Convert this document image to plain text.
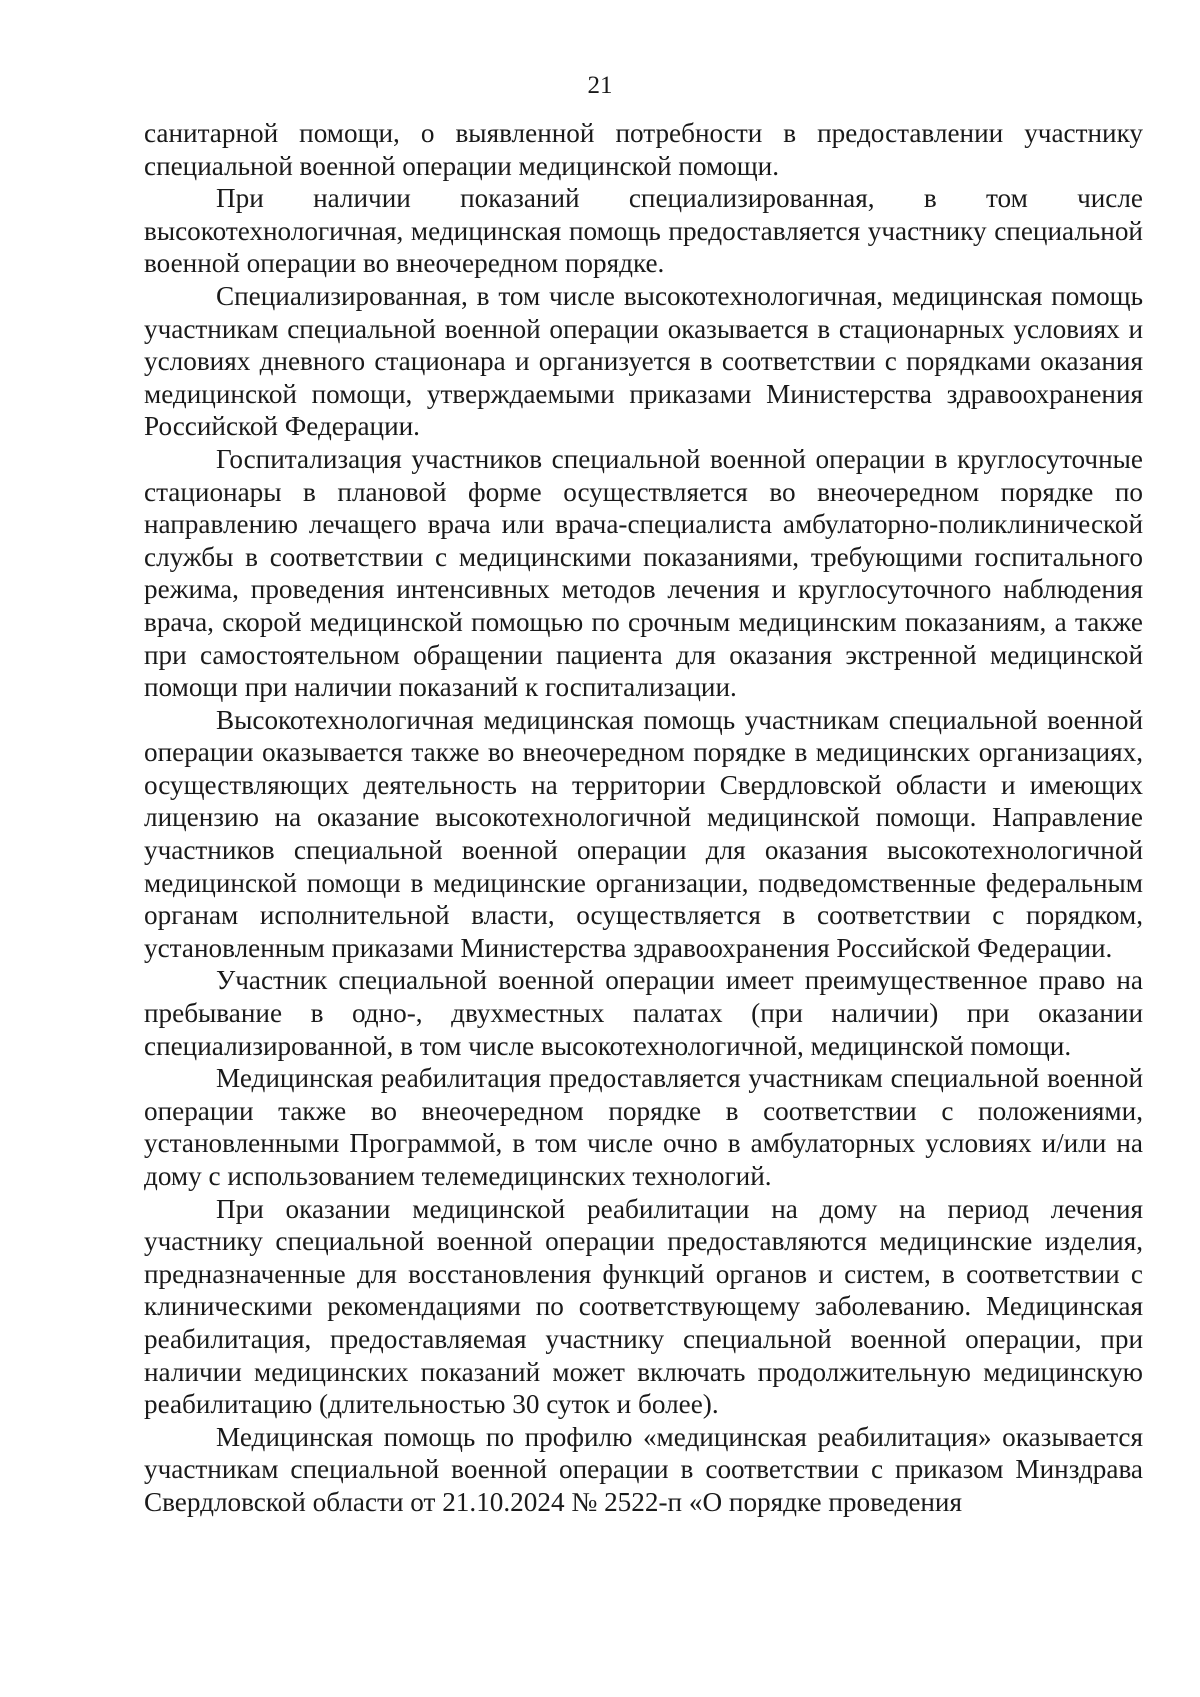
21

санитарной помощи, о выявленной потребности в предоставлении участнику специальной военной операции медицинской помощи.

При наличии показаний специализированная, в том числе высокотехнологичная, медицинская помощь предоставляется участнику специальной военной операции во внеочередном порядке.

Специализированная, в том числе высокотехнологичная, медицинская помощь участникам специальной военной операции оказывается в стационарных условиях и условиях дневного стационара и организуется в соответствии с порядками оказания медицинской помощи, утверждаемыми приказами Министерства здравоохранения Российской Федерации.

Госпитализация участников специальной военной операции в круглосуточные стационары в плановой форме осуществляется во внеочередном порядке по направлению лечащего врача или врача-специалиста амбулаторно-поликлинической службы в соответствии с медицинскими показаниями, требующими госпитального режима, проведения интенсивных методов лечения и круглосуточного наблюдения врача, скорой медицинской помощью по срочным медицинским показаниям, а также при самостоятельном обращении пациента для оказания экстренной медицинской помощи при наличии показаний к госпитализации.

Высокотехнологичная медицинская помощь участникам специальной военной операции оказывается также во внеочередном порядке в медицинских организациях, осуществляющих деятельность на территории Свердловской области и имеющих лицензию на оказание высокотехнологичной медицинской помощи. Направление участников специальной военной операции для оказания высокотехнологичной медицинской помощи в медицинские организации, подведомственные федеральным органам исполнительной власти, осуществляется в соответствии с порядком, установленным приказами Министерства здравоохранения Российской Федерации.

Участник специальной военной операции имеет преимущественное право на пребывание в одно-, двухместных палатах (при наличии) при оказании специализированной, в том числе высокотехнологичной, медицинской помощи.

Медицинская реабилитация предоставляется участникам специальной военной операции также во внеочередном порядке в соответствии с положениями, установленными Программой, в том числе очно в амбулаторных условиях и/или на дому с использованием телемедицинских технологий.

При оказании медицинской реабилитации на дому на период лечения участнику специальной военной операции предоставляются медицинские изделия, предназначенные для восстановления функций органов и систем, в соответствии с клиническими рекомендациями по соответствующему заболеванию. Медицинская реабилитация, предоставляемая участнику специальной военной операции, при наличии медицинских показаний может включать продолжительную медицинскую реабилитацию (длительностью 30 суток и более).

Медицинская помощь по профилю «медицинская реабилитация» оказывается участникам специальной военной операции в соответствии с приказом Минздрава Свердловской области от 21.10.2024 № 2522-п «О порядке проведения
